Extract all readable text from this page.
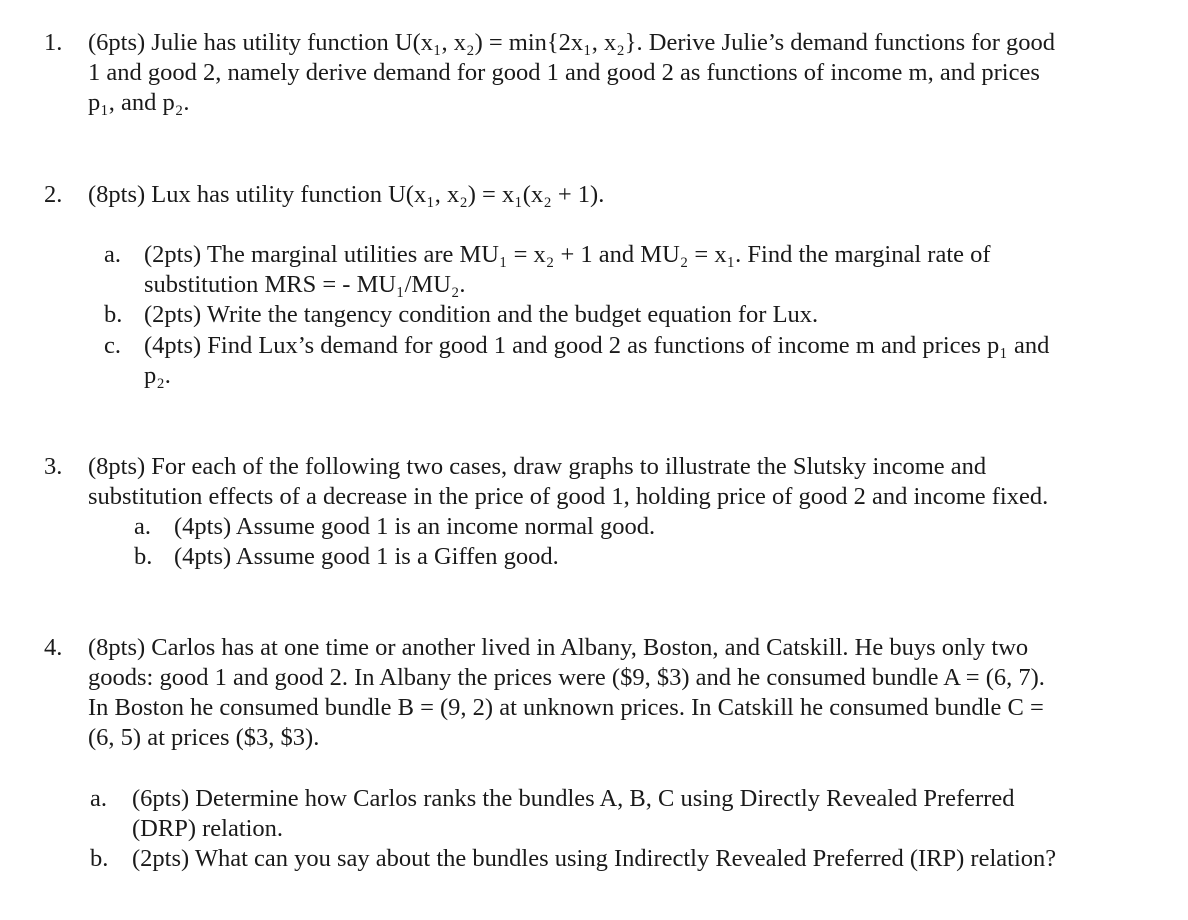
1. (6pts) Julie has utility function U(x₁, x₂) = min{2x₁, x₂}. Derive Julie’s demand functions for good
1 and good 2, namely derive demand for good 1 and good 2 as functions of income m, and prices
p₁, and p₂.
2. (8pts) Lux has utility function U(x₁, x₂) = x₁(x₂ + 1).
a. (2pts) The marginal utilities are MU₁ = x₂ + 1 and MU₂ = x₁. Find the marginal rate of
substitution MRS = - MU₁/MU₂.
b. (2pts) Write the tangency condition and the budget equation for Lux.
c. (4pts) Find Lux’s demand for good 1 and good 2 as functions of income m and prices p₁ and
p₂.
3. (8pts) For each of the following two cases, draw graphs to illustrate the Slutsky income and
substitution effects of a decrease in the price of good 1, holding price of good 2 and income fixed.
a. (4pts) Assume good 1 is an income normal good.
b. (4pts) Assume good 1 is a Giffen good.
4. (8pts) Carlos has at one time or another lived in Albany, Boston, and Catskill. He buys only two
goods: good 1 and good 2. In Albany the prices were ($9, $3) and he consumed bundle A = (6, 7).
In Boston he consumed bundle B = (9, 2) at unknown prices. In Catskill he consumed bundle C =
(6, 5) at prices ($3, $3).
a. (6pts) Determine how Carlos ranks the bundles A, B, C using Directly Revealed Preferred
(DRP) relation.
b. (2pts) What can you say about the bundles using Indirectly Revealed Preferred (IRP) relation?
